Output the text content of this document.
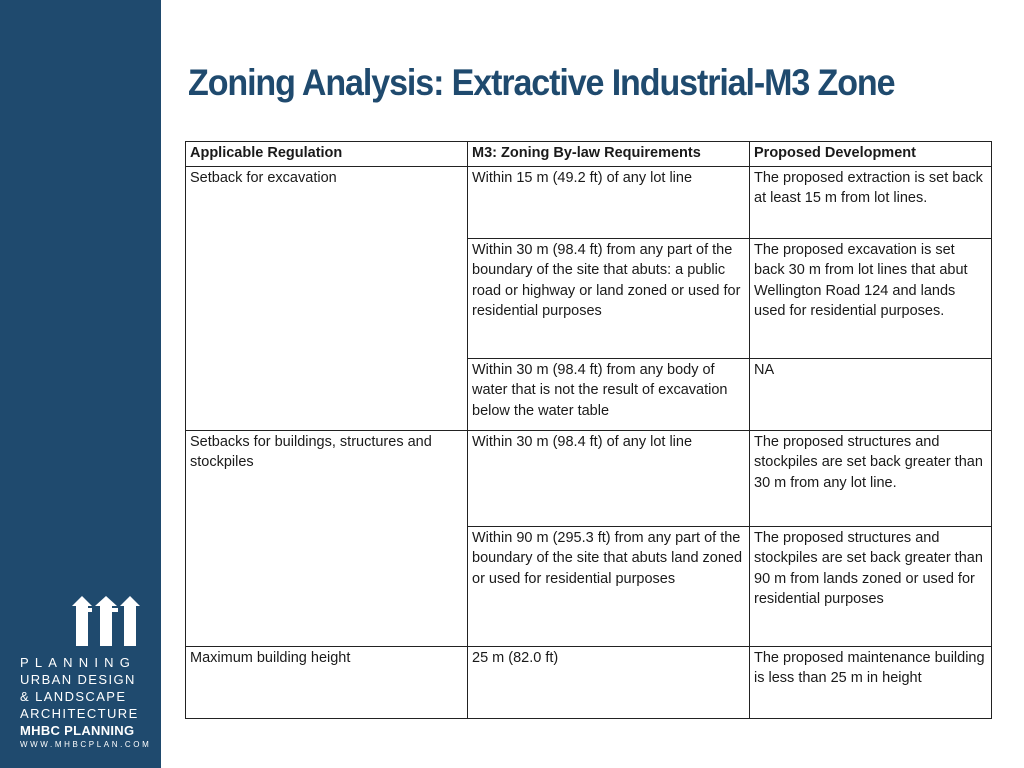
PLANNING
URBAN DESIGN
& LANDSCAPE
ARCHITECTURE
MHBC PLANNING
WWW.MHBCPLAN.COM
Zoning Analysis: Extractive Industrial-M3 Zone
Applicable Regulation	M3: Zoning By-law Requirements	Proposed Development
Setback for excavation	Within 15 m (49.2 ft) of any lot line	The proposed extraction is set back at least 15 m from lot lines.
	Within 30 m (98.4 ft) from any part of the boundary of the site that abuts: a public road or highway or land zoned or used for residential purposes	The proposed excavation is set back 30 m from lot lines that abut Wellington Road 124 and lands used for residential purposes.
	Within 30 m (98.4 ft) from any body of water that is not the result of excavation below the water table	NA
Setbacks for buildings, structures and stockpiles	Within 30 m (98.4 ft) of any lot line	The proposed structures and stockpiles are set back greater than 30 m from any lot line.
	Within 90 m (295.3 ft) from any part of the boundary of the site that abuts land zoned or used for residential purposes	The proposed structures and stockpiles are set back greater than 90 m from lands zoned or used for residential purposes
Maximum building height	25 m (82.0 ft)	The proposed maintenance building is less than 25 m in height
